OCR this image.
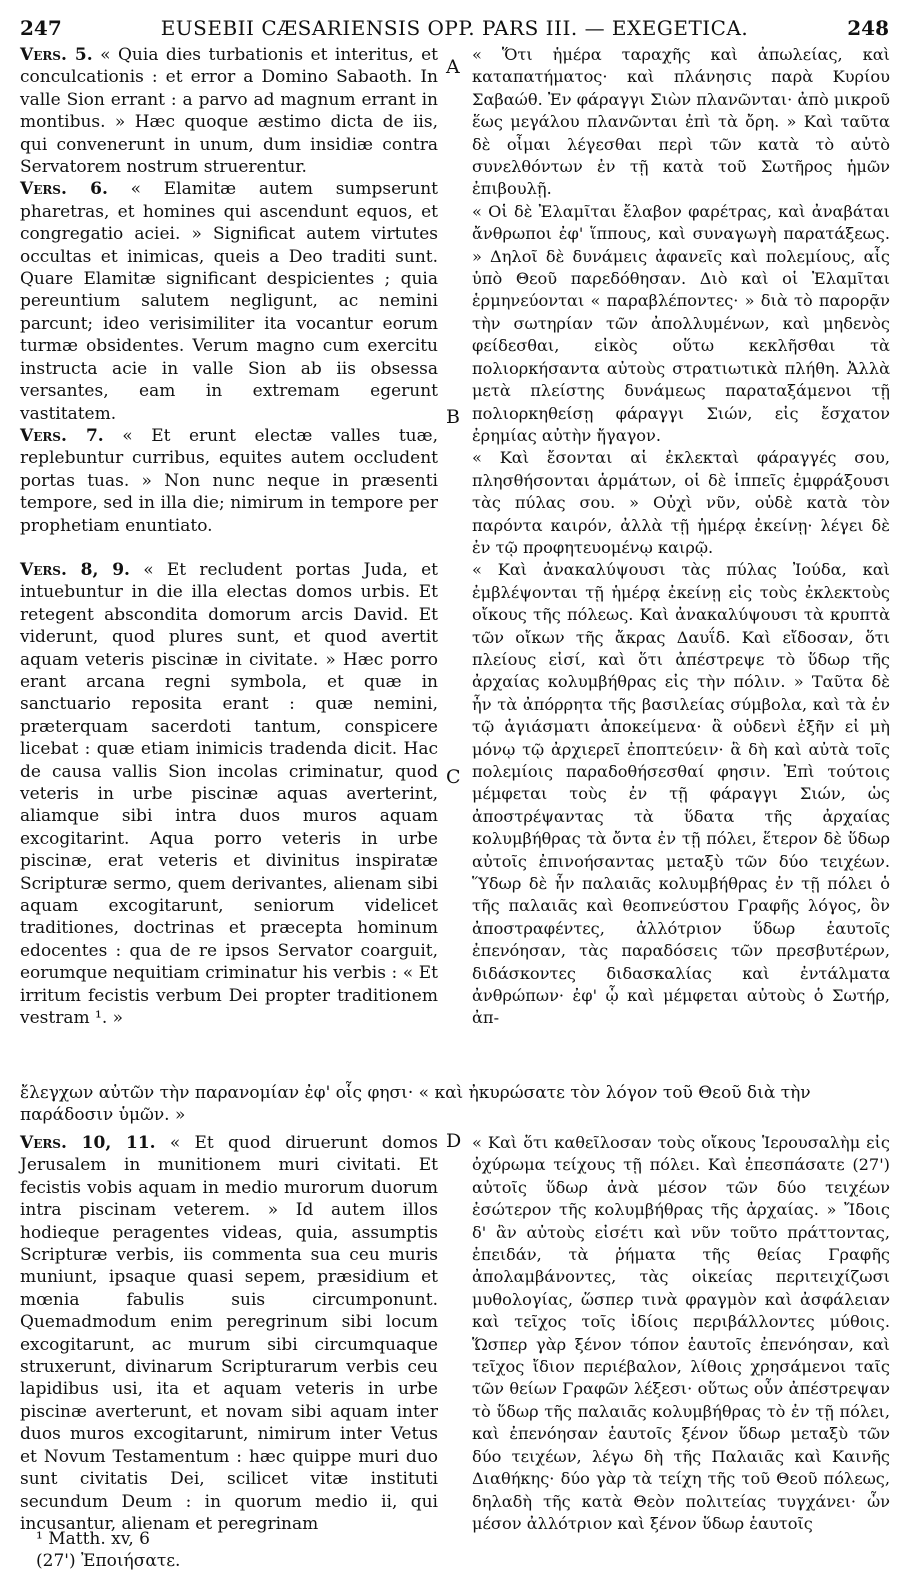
247	EUSEBII CÆSARIENSIS OPP. PARS III. — EXEGETICA.	248

Vers. 5. « Quia dies turbationis et interitus, et conculcationis : et error a Domino Sabaoth. In valle Sion errant : a parvo ad magnum errant in montibus. » Hæc quoque æstimo dicta de iis, qui convenerunt in unum, dum insidiæ contra Servatorem nostrum struerentur.

Vers. 6. « Elamitæ autem sumpserunt pharetras, et homines qui ascendunt equos, et congregatio aciei. » Significat autem virtutes occultas et inimicas, queis a Deo traditi sunt. Quare Elamitæ significant despicientes ; quia pereuntium salutem negligunt, ac nemini parcunt; ideo verisimiliter ita vocantur eorum turmæ obsidentes. Verum magno cum exercitu instructa acie in valle Sion ab iis obsessa versantes, eam in extremam egerunt vastitatem.

Vers. 7. « Et erunt electæ valles tuæ, replebuntur curribus, equites autem occludent portas tuas. » Non nunc neque in præsenti tempore, sed in illa die; nimirum in tempore per prophetiam enuntiato.

Vers. 8, 9. « Et recludent portas Juda, et intuebuntur in die illa electas domos urbis. Et retegent abscondita domorum arcis David. Et viderunt, quod plures sunt, et quod avertit aquam veteris piscinæ in civitate. » Hæc porro erant arcana regni symbola, et quæ in sanctuario reposita erant : quæ nemini, præterquam sacerdoti tantum, conspicere licebat : quæ etiam inimicis tradenda dicit. Hac de causa vallis Sion incolas criminatur, quod veteris in urbe piscinæ aquas averterint, aliamque sibi intra duos muros aquam excogitarint. Aqua porro veteris in urbe piscinæ, erat veteris et divinitus inspiratæ Scripturæ sermo, quem derivantes, alienam sibi aquam excogitarunt, seniorum videlicet traditiones, doctrinas et præcepta hominum edocentes : qua de re ipsos Servator coarguit, eorumque nequitiam criminatur his verbis : « Et irritum fecistis verbum Dei propter traditionem vestram ¹. »

« Ὅτι ἡμέρα ταραχῆς καὶ ἀπωλείας, καὶ καταπατήματος· καὶ πλάνησις παρὰ Κυρίου Σαβαώθ. Ἐν φάραγγι Σιὼν πλανῶνται· ἀπὸ μικροῦ ἕως μεγάλου πλανῶνται ἐπὶ τὰ ὄρη. » Καὶ ταῦτα δὲ οἶμαι λέγεσθαι περὶ τῶν κατὰ τὸ αὐτὸ συνελθόντων ἐν τῇ κατὰ τοῦ Σωτῆρος ἡμῶν ἐπιβουλῇ.

« Οἱ δὲ Ἐλαμῖται ἔλαβον φαρέτρας, καὶ ἀναβάται ἄνθρωποι ἐφ' ἵππους, καὶ συναγωγὴ παρατάξεως. » Δηλοῖ δὲ δυνάμεις ἀφανεῖς καὶ πολεμίους, αἷς ὑπὸ Θεοῦ παρεδόθησαν. Διὸ καὶ οἱ Ἐλαμῖται ἑρμηνεύονται « παραβλέποντες· » διὰ τὸ παρορᾷν τὴν σωτηρίαν τῶν ἀπολλυμένων, καὶ μηδενὸς φείδεσθαι, εἰκὸς οὕτω κεκλῆσθαι τὰ πολιορκήσαντα αὐτοὺς στρατιωτικὰ πλήθη. Ἀλλὰ μετὰ πλείστης δυνάμεως παραταξάμενοι τῇ πολιορκηθείσῃ φάραγγι Σιών, εἰς ἔσχατον ἐρημίας αὐτὴν ἤγαγον.

« Καὶ ἔσονται αἱ ἐκλεκταὶ φάραγγές σου, πλησθήσονται ἁρμάτων, οἱ δὲ ἱππεῖς ἐμφράξουσι τὰς πύλας σου. » Οὐχὶ νῦν, οὐδὲ κατὰ τὸν παρόντα καιρόν, ἀλλὰ τῇ ἡμέρᾳ ἐκείνῃ· λέγει δὲ ἐν τῷ προφητευομένῳ καιρῷ.

« Καὶ ἀνακαλύψουσι τὰς πύλας Ἰούδα, καὶ ἐμβλέψονται τῇ ἡμέρᾳ ἐκείνῃ εἰς τοὺς ἐκλεκτοὺς οἴκους τῆς πόλεως. Καὶ ἀνακαλύψουσι τὰ κρυπτὰ τῶν οἴκων τῆς ἄκρας Δαυΐδ. Καὶ εἴδοσαν, ὅτι πλείους εἰσί, καὶ ὅτι ἀπέστρεψε τὸ ὕδωρ τῆς ἀρχαίας κολυμβήθρας εἰς τὴν πόλιν. » Ταῦτα δὲ ἦν τὰ ἀπόρρητα τῆς βασιλείας σύμβολα, καὶ τὰ ἐν τῷ ἁγιάσματι ἀποκείμενα· ἃ οὐδενὶ ἐξῆν εἰ μὴ μόνῳ τῷ ἀρχιερεῖ ἐποπτεύειν· ἃ δὴ καὶ αὐτὰ τοῖς πολεμίοις παραδοθήσεσθαί φησιν. Ἐπὶ τούτοις μέμφεται τοὺς ἐν τῇ φάραγγι Σιών, ὡς ἀποστρέψαντας τὰ ὕδατα τῆς ἀρχαίας κολυμβήθρας τὰ ὄντα ἐν τῇ πόλει, ἕτερον δὲ ὕδωρ αὐτοῖς ἐπινοήσαντας μεταξὺ τῶν δύο τειχέων. Ὕδωρ δὲ ἦν παλαιᾶς κολυμβήθρας ἐν τῇ πόλει ὁ τῆς παλαιᾶς καὶ θεοπνεύστου Γραφῆς λόγος, ὃν ἀποστραφέντες, ἀλλότριον ὕδωρ ἑαυτοῖς ἐπενόησαν, τὰς παραδόσεις τῶν πρεσβυτέρων, διδάσκοντες διδασκαλίας καὶ ἐντάλματα ἀνθρώπων· ἐφ' ᾧ καὶ μέμφεται αὐτοὺς ὁ Σωτήρ, ἀπ-

A
B
C
D
ἔλεγχων αὐτῶν τὴν παρανομίαν ἐφ' οἷς φησι· « καὶ ἠκυρώσατε τὸν λόγον τοῦ Θεοῦ διὰ τὴν παράδοσιν ὑμῶν. »

Vers. 10, 11. « Et quod diruerunt domos Jerusalem in munitionem muri civitati. Et fecistis vobis aquam in medio murorum duorum intra piscinam veterem. » Id autem illos hodieque peragentes videas, quia, assumptis Scripturæ verbis, iis commenta sua ceu muris muniunt, ipsaque quasi sepem, præsidium et mœnia fabulis suis circumponunt. Quemadmodum enim peregrinum sibi locum excogitarunt, ac murum sibi circumquaque struxerunt, divinarum Scripturarum verbis ceu lapidibus usi, ita et aquam veteris in urbe piscinæ averterunt, et novam sibi aquam inter duos muros excogitarunt, nimirum inter Vetus et Novum Testamentum : hæc quippe muri duo sunt civitatis Dei, scilicet vitæ instituti secundum Deum : in quorum medio ii, qui incusantur, alienam et peregrinam

« Καὶ ὅτι καθεῖλοσαν τοὺς οἴκους Ἱερουσαλὴμ εἰς ὀχύρωμα τείχους τῇ πόλει. Καὶ ἐπεσπάσατε (27') αὐτοῖς ὕδωρ ἀνὰ μέσον τῶν δύο τειχέων ἐσώτερον τῆς κολυμβήθρας τῆς ἀρχαίας. » Ἴδοις δ' ἂν αὐτοὺς εἰσέτι καὶ νῦν τοῦτο πράττοντας, ἐπειδάν, τὰ ῥήματα τῆς θείας Γραφῆς ἀπολαμβάνοντες, τὰς οἰκείας περιτειχίζωσι μυθολογίας, ὥσπερ τινὰ φραγμὸν καὶ ἀσφάλειαν καὶ τεῖχος τοῖς ἰδίοις περιβάλλοντες μύθοις. Ὥσπερ γὰρ ξένον τόπον ἑαυτοῖς ἐπενόησαν, καὶ τεῖχος ἴδιον περιέβαλον, λίθοις χρησάμενοι ταῖς τῶν θείων Γραφῶν λέξεσι· οὕτως οὖν ἀπέστρεψαν τὸ ὕδωρ τῆς παλαιᾶς κολυμβήθρας τὸ ἐν τῇ πόλει, καὶ ἐπενόησαν ἑαυτοῖς ξένον ὕδωρ μεταξὺ τῶν δύο τειχέων, λέγω δὴ τῆς Παλαιᾶς καὶ Καινῆς Διαθήκης· δύο γὰρ τὰ τείχη τῆς τοῦ Θεοῦ πόλεως, δηλαδὴ τῆς κατὰ Θεὸν πολιτείας τυγχάνει· ὧν μέσον ἀλλότριον καὶ ξένον ὕδωρ ἑαυτοῖς

¹ Matth. xv, 6
(27') Ἐποιήσατε.
